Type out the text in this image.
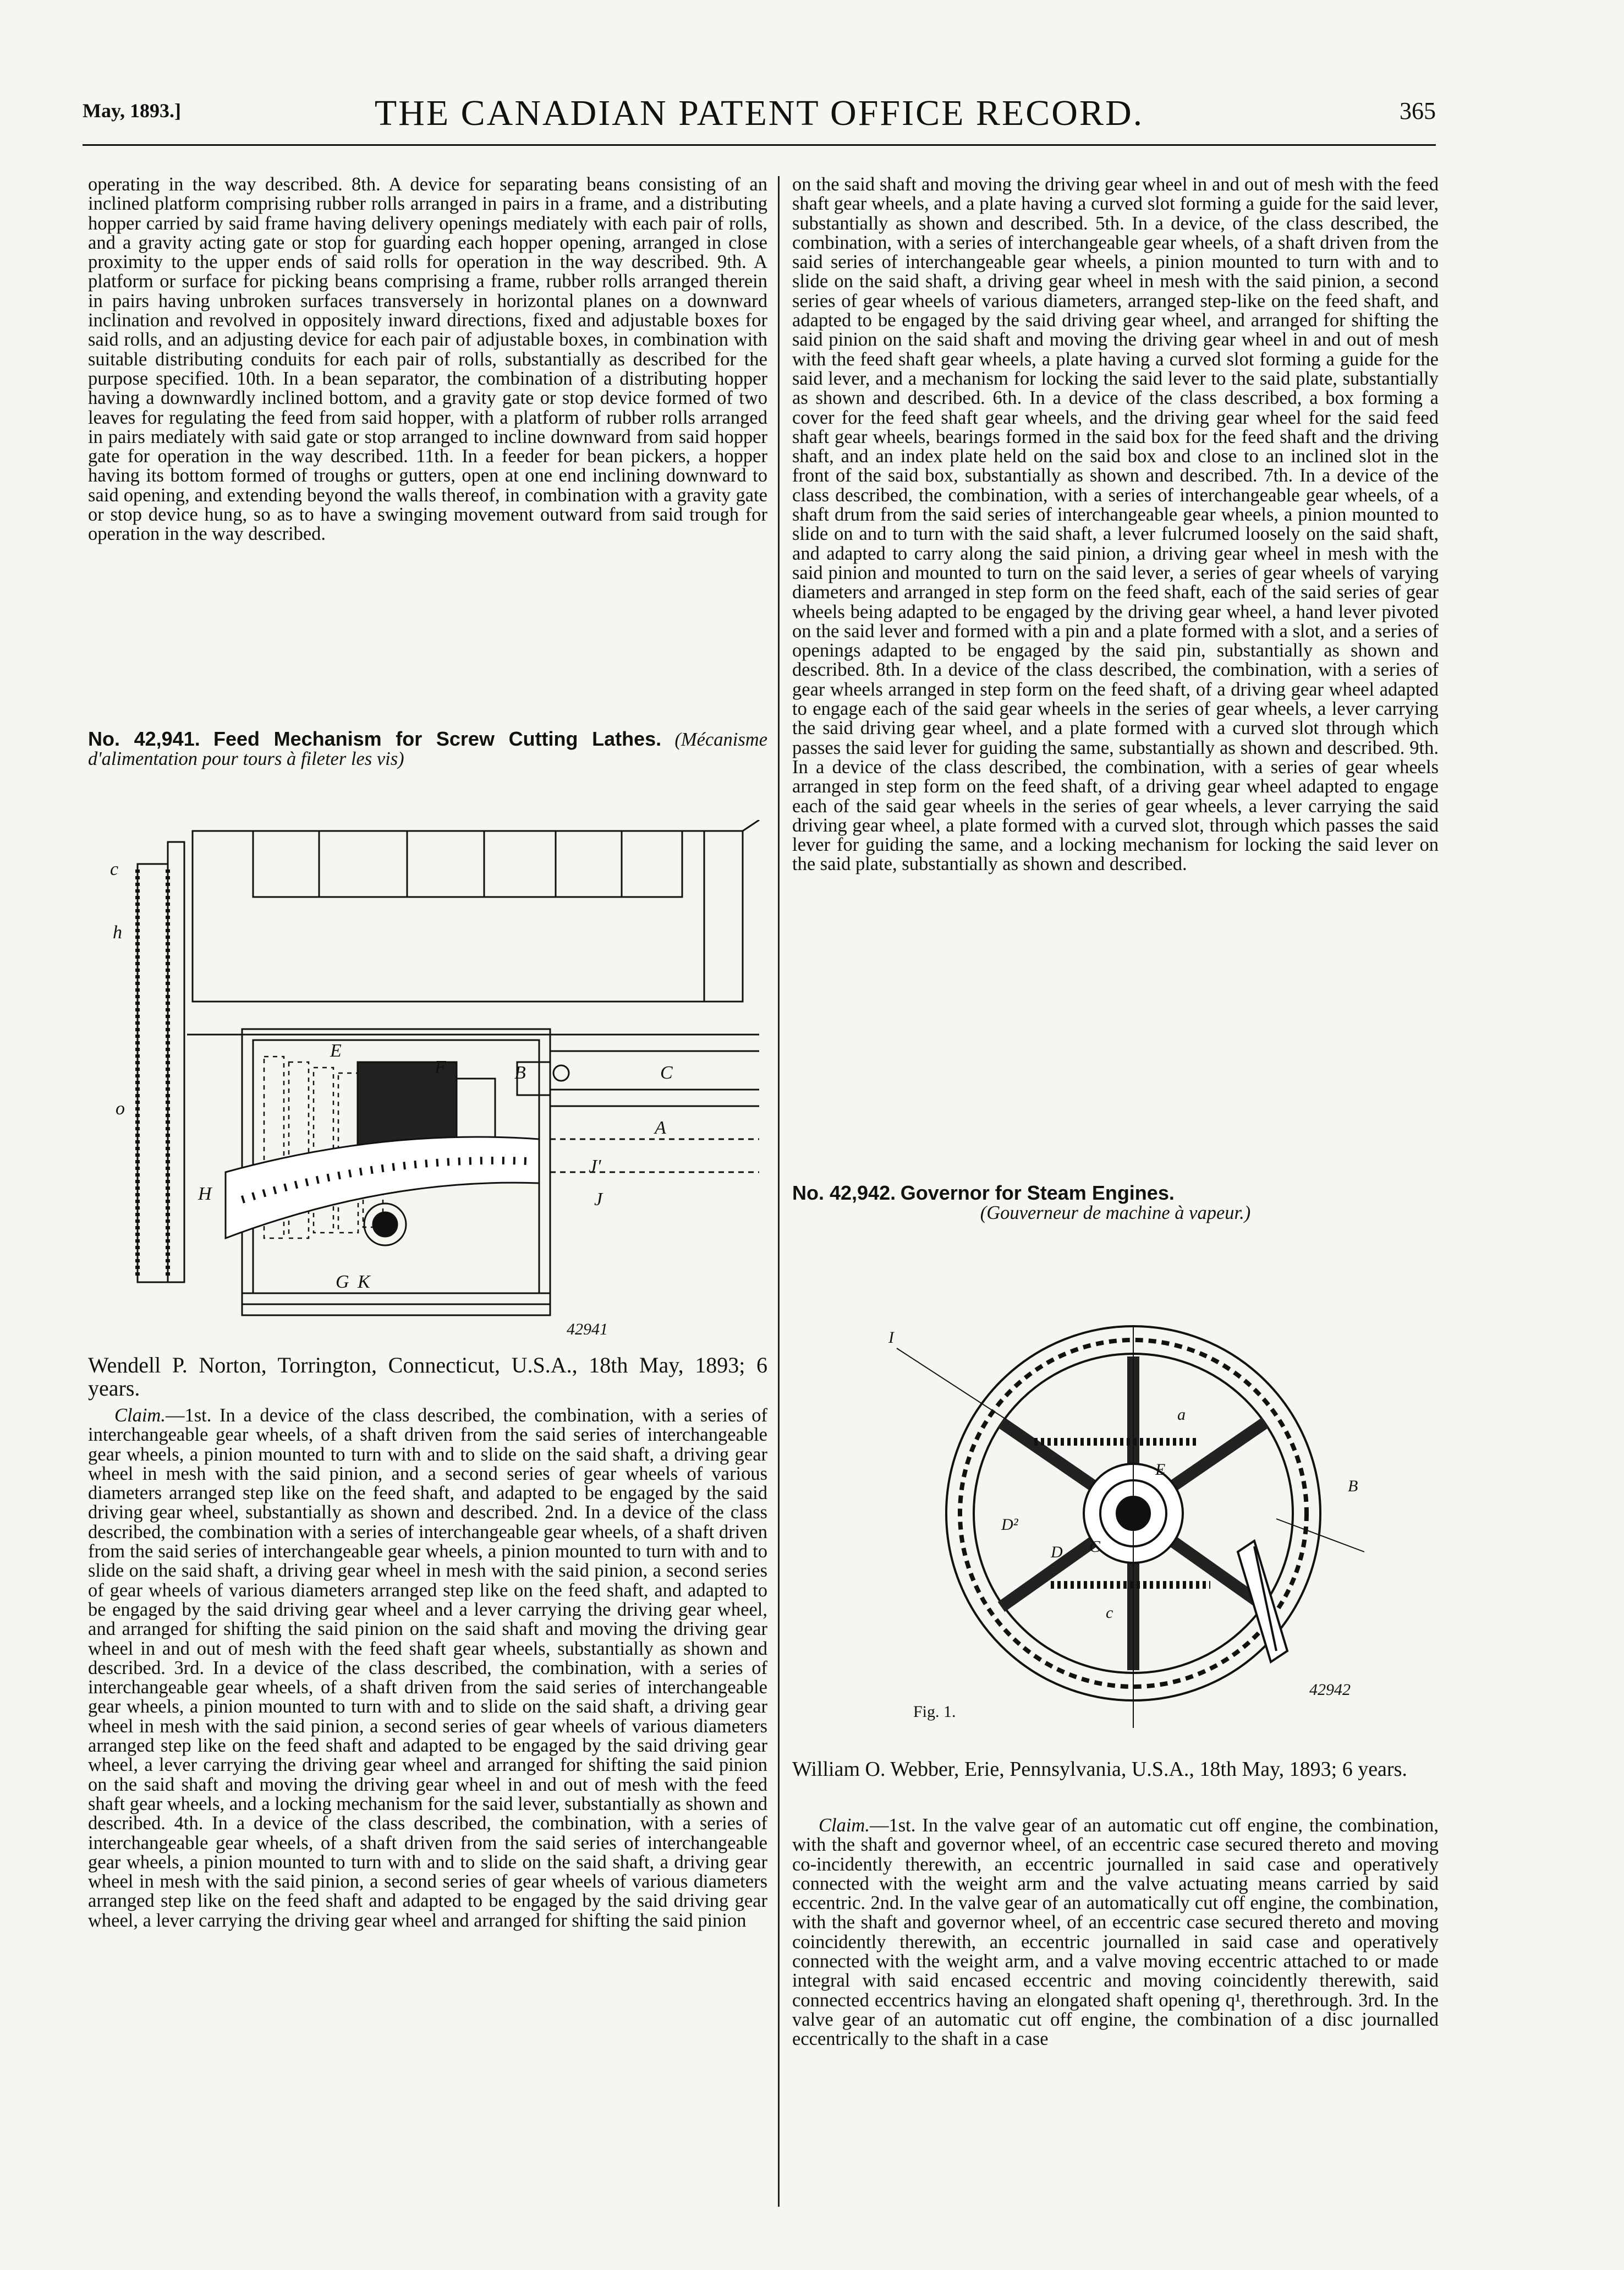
May, 1893.]	THE CANADIAN PATENT OFFICE RECORD.	365

operating in the way described. 8th. A device for separating beans consisting of an inclined platform comprising rubber rolls arranged in pairs in a frame, and a distributing hopper carried by said frame having delivery openings mediately with each pair of rolls, and a gravity acting gate or stop for guarding each hopper opening, arranged in close proximity to the upper ends of said rolls for operation in the way described. 9th. A platform or surface for picking beans comprising a frame, rubber rolls arranged therein in pairs having unbroken surfaces transversely in horizontal planes on a downward inclination and revolved in oppositely inward directions, fixed and adjustable boxes for said rolls, and an adjusting device for each pair of adjustable boxes, in combination with suitable distributing conduits for each pair of rolls, substantially as described for the purpose specified. 10th. In a bean separator, the combination of a distributing hopper having a downwardly inclined bottom, and a gravity gate or stop device formed of two leaves for regulating the feed from said hopper, with a platform of rubber rolls arranged in pairs mediately with said gate or stop arranged to incline downward from said hopper gate for operation in the way described. 11th. In a feeder for bean pickers, a hopper having its bottom formed of troughs or gutters, open at one end inclining downward to said opening, and extending beyond the walls thereof, in combination with a gravity gate or stop device hung, so as to have a swinging movement outward from said trough for operation in the way described.

No. 42,941. Feed Mechanism for Screw Cutting Lathes. (Mécanisme d'alimentation pour tours à fileter les vis)
c
h
o
E
F	B	C
A
J'
J
H
G K
42941

Wendell P. Norton, Torrington, Connecticut, U.S.A., 18th May, 1893; 6 years.

Claim.—1st. In a device of the class described, the combination, with a series of interchangeable gear wheels, of a shaft driven from the said series of interchangeable gear wheels, a pinion mounted to turn with and to slide on the said shaft, a driving gear wheel in mesh with the said pinion, and a second series of gear wheels of various diameters arranged step like on the feed shaft, and adapted to be engaged by the said driving gear wheel, substantially as shown and described. 2nd. In a device of the class described, the combination with a series of interchangeable gear wheels, of a shaft driven from the said series of interchangeable gear wheels, a pinion mounted to turn with and to slide on the said shaft, a driving gear wheel in mesh with the said pinion, a second series of gear wheels of various diameters arranged step like on the feed shaft, and adapted to be engaged by the said driving gear wheel and a lever carrying the driving gear wheel, and arranged for shifting the said pinion on the said shaft and moving the driving gear wheel in and out of mesh with the feed shaft gear wheels, substantially as shown and described. 3rd. In a device of the class described, the combination, with a series of interchangeable gear wheels, of a shaft driven from the said series of interchangeable gear wheels, a pinion mounted to turn with and to slide on the said shaft, a driving gear wheel in mesh with the said pinion, a second series of gear wheels of various diameters arranged step like on the feed shaft and adapted to be engaged by the said driving gear wheel, a lever carrying the driving gear wheel and arranged for shifting the said pinion on the said shaft and moving the driving gear wheel in and out of mesh with the feed shaft gear wheels, and a locking mechanism for the said lever, substantially as shown and described. 4th. In a device of the class described, the combination, with a series of interchangeable gear wheels, of a shaft driven from the said series of interchangeable gear wheels, a pinion mounted to turn with and to slide on the said shaft, a driving gear wheel in mesh with the said pinion, a second series of gear wheels of various diameters arranged step like on the feed shaft and adapted to be engaged by the said driving gear wheel, a lever carrying the driving gear wheel and arranged for shifting the said pinion

on the said shaft and moving the driving gear wheel in and out of mesh with the feed shaft gear wheels, and a plate having a curved slot forming a guide for the said lever, substantially as shown and described. 5th. In a device, of the class described, the combination, with a series of interchangeable gear wheels, of a shaft driven from the said series of interchangeable gear wheels, a pinion mounted to turn with and to slide on the said shaft, a driving gear wheel in mesh with the said pinion, a second series of gear wheels of various diameters, arranged step-like on the feed shaft, and adapted to be engaged by the said driving gear wheel, and arranged for shifting the said pinion on the said shaft and moving the driving gear wheel in and out of mesh with the feed shaft gear wheels, a plate having a curved slot forming a guide for the said lever, and a mechanism for locking the said lever to the said plate, substantially as shown and described. 6th. In a device of the class described, a box forming a cover for the feed shaft gear wheels, and the driving gear wheel for the said feed shaft gear wheels, bearings formed in the said box for the feed shaft and the driving shaft, and an index plate held on the said box and close to an inclined slot in the front of the said box, substantially as shown and described. 7th. In a device of the class described, the combination, with a series of interchangeable gear wheels, of a shaft drum from the said series of interchangeable gear wheels, a pinion mounted to slide on and to turn with the said shaft, a lever fulcrumed loosely on the said shaft, and adapted to carry along the said pinion, a driving gear wheel in mesh with the said pinion and mounted to turn on the said lever, a series of gear wheels of varying diameters and arranged in step form on the feed shaft, each of the said series of gear wheels being adapted to be engaged by the driving gear wheel, a hand lever pivoted on the said lever and formed with a pin and a plate formed with a slot, and a series of openings adapted to be engaged by the said pin, substantially as shown and described. 8th. In a device of the class described, the combination, with a series of gear wheels arranged in step form on the feed shaft, of a driving gear wheel adapted to engage each of the said gear wheels in the series of gear wheels, a lever carrying the said driving gear wheel, and a plate formed with a curved slot through which passes the said lever for guiding the same, substantially as shown and described. 9th. In a device of the class described, the combination, with a series of gear wheels arranged in step form on the feed shaft, of a driving gear wheel adapted to engage each of the said gear wheels in the series of gear wheels, a lever carrying the said driving gear wheel, a plate formed with a curved slot, through which passes the said lever for guiding the same, and a locking mechanism for locking the said lever on the said plate, substantially as shown and described.

No. 42,942. Governor for Steam Engines.

(Gouverneur de machine à vapeur.)

I
B
D²
D C
E
a
c
42942
Fig. 1.

William O. Webber, Erie, Pennsylvania, U.S.A., 18th May, 1893; 6 years.

Claim.—1st. In the valve gear of an automatic cut off engine, the combination, with the shaft and governor wheel, of an eccentric case secured thereto and moving co-incidently therewith, an eccentric journalled in said case and operatively connected with the weight arm and the valve actuating means carried by said eccentric. 2nd. In the valve gear of an automatically cut off engine, the combination, with the shaft and governor wheel, of an eccentric case secured thereto and moving coincidently therewith, an eccentric journalled in said case and operatively connected with the weight arm, and a valve moving eccentric attached to or made integral with said encased eccentric and moving coincidently therewith, said connected eccentrics having an elongated shaft opening q¹, therethrough. 3rd. In the valve gear of an automatic cut off engine, the combination of a disc journalled eccentrically to the shaft in a case
